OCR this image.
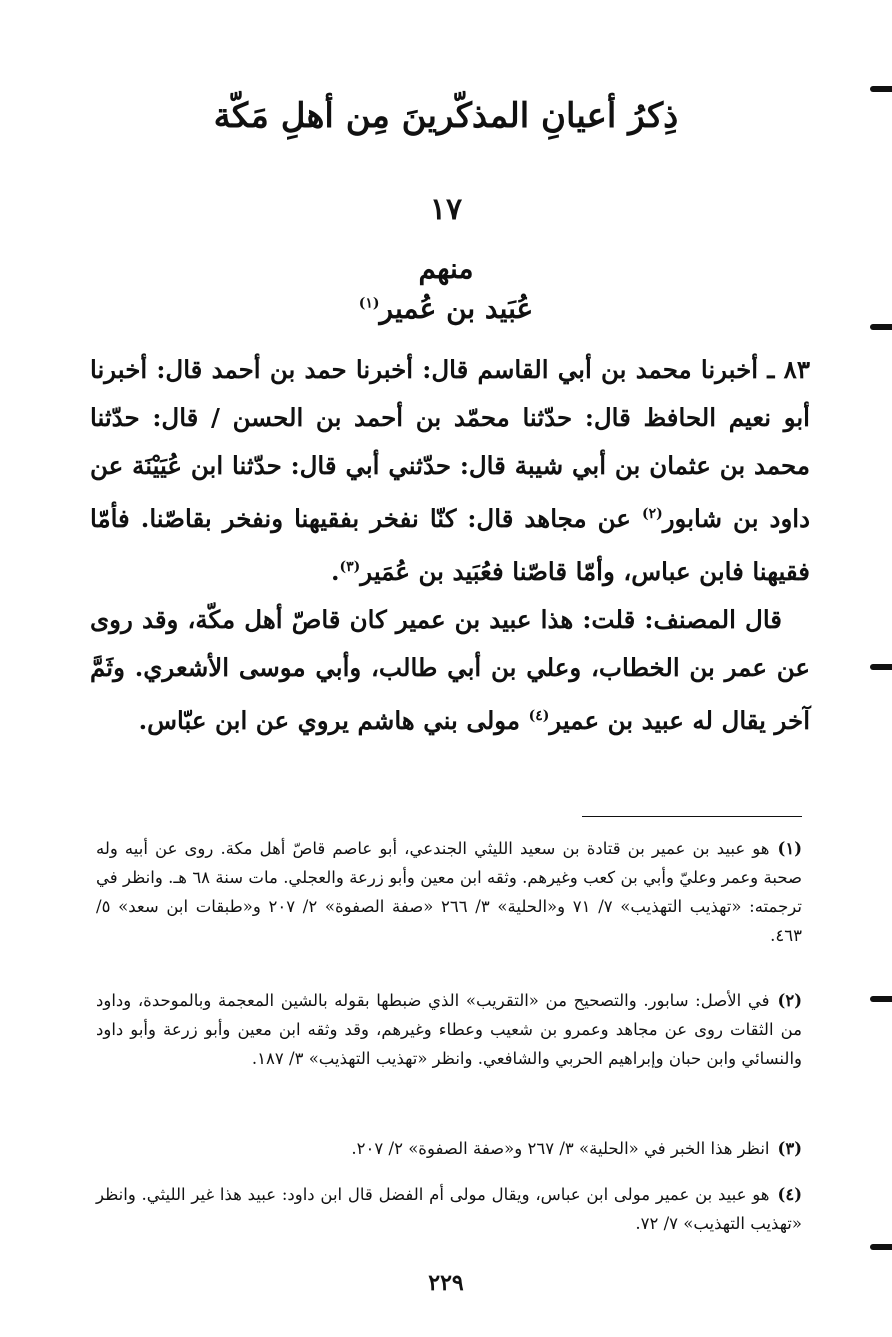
ذِكرُ أعيانِ المذكّرينَ مِن أهلِ مَكّة
١٧
منهم
عُبَيد بن عُمير$^{(١)}$

٨٣ ـ أخبرنا محمد بن أبي القاسم قال: أخبرنا حمد بن أحمد قال: أخبرنا أبو نعيم الحافظ قال: حدّثنا محمّد بن أحمد بن الحسن / قال: حدّثنا محمد بن عثمان بن أبي شيبة قال: حدّثني أبي قال: حدّثنا ابن عُيَيْنَة عن داود بن شابور$^{(٢)}$ عن مجاهد قال: كنّا نفخر بفقيهنا ونفخر بقاصّنا. فأمّا فقيهنا فابن عباس، وأمّا قاصّنا فعُبَيد بن عُمَير$^{(٣)}$.

قال المصنف: قلت: هذا عبيد بن عمير كان قاصّ أهل مكّة، وقد روى عن عمر بن الخطاب، وعلي بن أبي طالب، وأبي موسى الأشعري. وثَمَّ آخر يقال له عبيد بن عمير$^{(٤)}$ مولى بني هاشم يروي عن ابن عبّاس.

(١)هو عبيد بن عمير بن قتادة بن سعيد الليثي الجندعي، أبو عاصم قاصّ أهل مكة. روى عن أبيه وله صحبة وعمر وعليّ وأبي بن كعب وغيرهم. وثقه ابن معين وأبو زرعة والعجلي. مات سنة ٦٨ هـ. وانظر في ترجمته: «تهذيب التهذيب» ٧/ ٧١ و«الحلية» ٣/ ٢٦٦ «صفة الصفوة» ٢/ ٢٠٧ و«طبقات ابن سعد» ٥/ ٤٦٣.

(٢)في الأصل: سابور. والتصحيح من «التقريب» الذي ضبطها بقوله بالشين المعجمة وبالموحدة، وداود من الثقات روى عن مجاهد وعمرو بن شعيب وعطاء وغيرهم، وقد وثقه ابن معين وأبو زرعة وأبو داود والنسائي وابن حبان وإبراهيم الحربي والشافعي. وانظر «تهذيب التهذيب» ٣/ ١٨٧.

(٣)انظر هذا الخبر في «الحلية» ٣/ ٢٦٧ و«صفة الصفوة» ٢/ ٢٠٧.

(٤)هو عبيد بن عمير مولى ابن عباس، ويقال مولى أم الفضل قال ابن داود: عبيد هذا غير الليثي. وانظر «تهذيب التهذيب» ٧/ ٧٢.

٢٢٩
